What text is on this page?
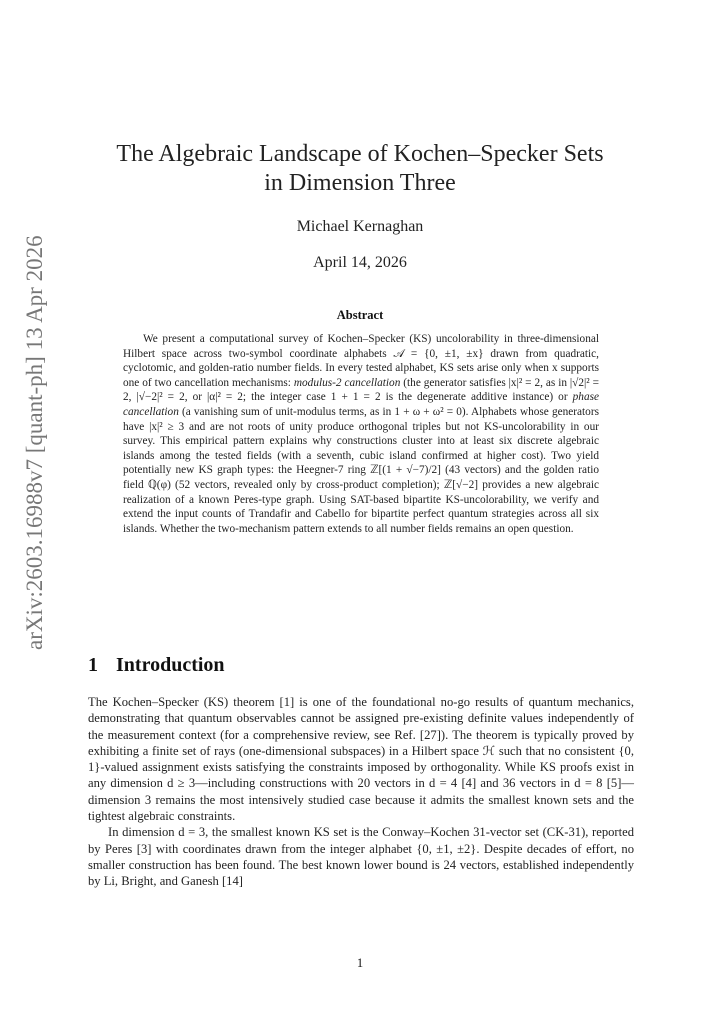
arXiv:2603.16988v7 [quant-ph] 13 Apr 2026
The Algebraic Landscape of Kochen–Specker Sets
in Dimension Three
Michael Kernaghan
April 14, 2026
Abstract
We present a computational survey of Kochen–Specker (KS) uncolorability in three-dimensional Hilbert space across two-symbol coordinate alphabets 𝒜 = {0, ±1, ±x} drawn from quadratic, cyclotomic, and golden-ratio number fields. In every tested alphabet, KS sets arise only when x supports one of two cancellation mechanisms: modulus-2 cancellation (the generator satisfies |x|² = 2, as in |√2|² = 2, |√−2|² = 2, or |α|² = 2; the integer case 1 + 1 = 2 is the degenerate additive instance) or phase cancellation (a vanishing sum of unit-modulus terms, as in 1 + ω + ω² = 0). Alphabets whose generators have |x|² ≥ 3 and are not roots of unity produce orthogonal triples but not KS-uncolorability in our survey. This empirical pattern explains why constructions cluster into at least six discrete algebraic islands among the tested fields (with a seventh, cubic island confirmed at higher cost). Two yield potentially new KS graph types: the Heegner-7 ring ℤ[(1 + √−7)/2] (43 vectors) and the golden ratio field ℚ(φ) (52 vectors, revealed only by cross-product completion); ℤ[√−2] provides a new algebraic realization of a known Peres-type graph. Using SAT-based bipartite KS-uncolorability, we verify and extend the input counts of Trandafir and Cabello for bipartite perfect quantum strategies across all six islands. Whether the two-mechanism pattern extends to all number fields remains an open question.
1 Introduction

The Kochen–Specker (KS) theorem [1] is one of the foundational no-go results of quantum mechanics, demonstrating that quantum observables cannot be assigned pre-existing definite values independently of the measurement context (for a comprehensive review, see Ref. [27]). The theorem is typically proved by exhibiting a finite set of rays (one-dimensional subspaces) in a Hilbert space ℋ such that no consistent {0, 1}-valued assignment exists satisfying the constraints imposed by orthogonality. While KS proofs exist in any dimension d ≥ 3—including constructions with 20 vectors in d = 4 [4] and 36 vectors in d = 8 [5]—dimension 3 remains the most intensively studied case because it admits the smallest known sets and the tightest algebraic constraints.

In dimension d = 3, the smallest known KS set is the Conway–Kochen 31-vector set (CK-31), reported by Peres [3] with coordinates drawn from the integer alphabet {0, ±1, ±2}. Despite decades of effort, no smaller construction has been found. The best known lower bound is 24 vectors, established independently by Li, Bright, and Ganesh [14]

1
